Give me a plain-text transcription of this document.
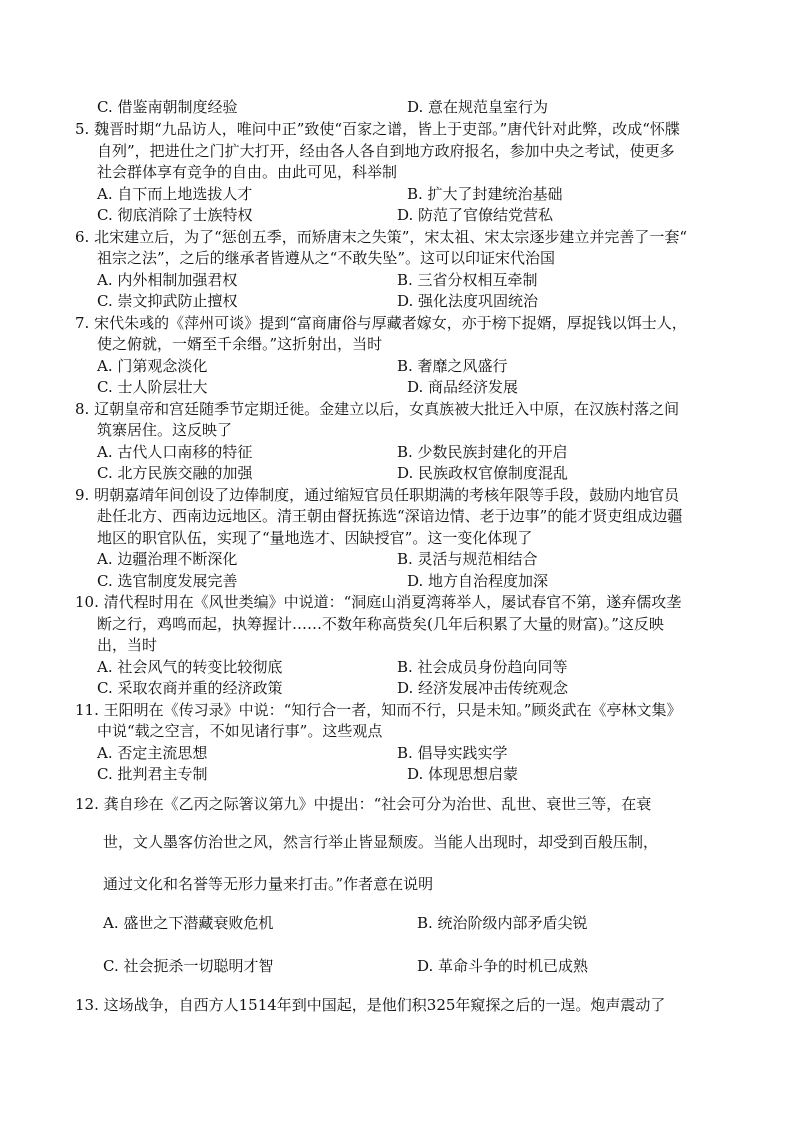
C. 借鉴南朝制度经验	D. 意在规范皇室行为
5. 魏晋时期“九品访人，唯问中正”致使“百家之谱，皆上于吏部。”唐代针对此弊，改成“怀牒
自列”，把进仕之门扩大打开，经由各人各自到地方政府报名，参加中央之考试，使更多
社会群体享有竞争的自由。由此可见，科举制
A. 自下而上地选拔人才	B. 扩大了封建统治基础
C. 彻底消除了士族特权	D. 防范了官僚结党营私
6. 北宋建立后，为了“惩创五季，而矫唐末之失策”，宋太祖、宋太宗逐步建立并完善了一套“
祖宗之法”，之后的继承者皆遵从之“不敢失坠”。这可以印证宋代治国
A. 内外相制加强君权	B. 三省分权相互牵制
C. 崇文抑武防止擅权	D. 强化法度巩固统治
7. 宋代朱彧的《萍州可谈》提到“富商庸俗与厚藏者嫁女，亦于榜下捉婿，厚捉钱以饵士人，
使之俯就，一婿至千余缗。”这折射出，当时
A. 门第观念淡化	B. 奢靡之风盛行
C. 士人阶层壮大	D. 商品经济发展
8. 辽朝皇帝和宫廷随季节定期迁徙。金建立以后，女真族被大批迁入中原，在汉族村落之间
筑寨居住。这反映了
A. 古代人口南移的特征	B. 少数民族封建化的开启
C. 北方民族交融的加强	D. 民族政权官僚制度混乱
9. 明朝嘉靖年间创设了边俸制度，通过缩短官员任职期满的考核年限等手段，鼓励内地官员
赴任北方、西南边远地区。清王朝由督抚拣选“深谙边情、老于边事”的能才贤吏组成边疆
地区的职官队伍，实现了“量地选才、因缺授官”。这一变化体现了
A. 边疆治理不断深化	B. 灵活与规范相结合
C. 选官制度发展完善	D. 地方自治程度加深
10. 清代程时用在《风世类编》中说道：“洞庭山消夏湾蒋举人，屡试春官不第，遂弃儒攻垄
断之行，鸡鸣而起，执筹握计……不数年称高赀矣(几年后积累了大量的财富)。”这反映
出，当时
A. 社会风气的转变比较彻底	B. 社会成员身份趋向同等
C. 采取农商并重的经济政策	D. 经济发展冲击传统观念
11. 王阳明在《传习录》中说：“知行合一者，知而不行，只是未知。”顾炎武在《亭林文集》
中说“载之空言，不如见诸行事”。这些观点
A. 否定主流思想	B. 倡导实践实学
C. 批判君主专制	D. 体现思想启蒙
12. 龚自珍在《乙丙之际箸议第九》中提出：“社会可分为治世、乱世、衰世三等，在衰
世，文人墨客仿治世之风，然言行举止皆显颓废。当能人出现时，却受到百般压制，
通过文化和名誉等无形力量来打击。”作者意在说明
A. 盛世之下潜藏衰败危机	B. 统治阶级内部矛盾尖锐
C. 社会扼杀一切聪明才智	D. 革命斗争的时机已成熟
13. 这场战争，自西方人1514年到中国起，是他们积325年窥探之后的一逞。炮声震动了
